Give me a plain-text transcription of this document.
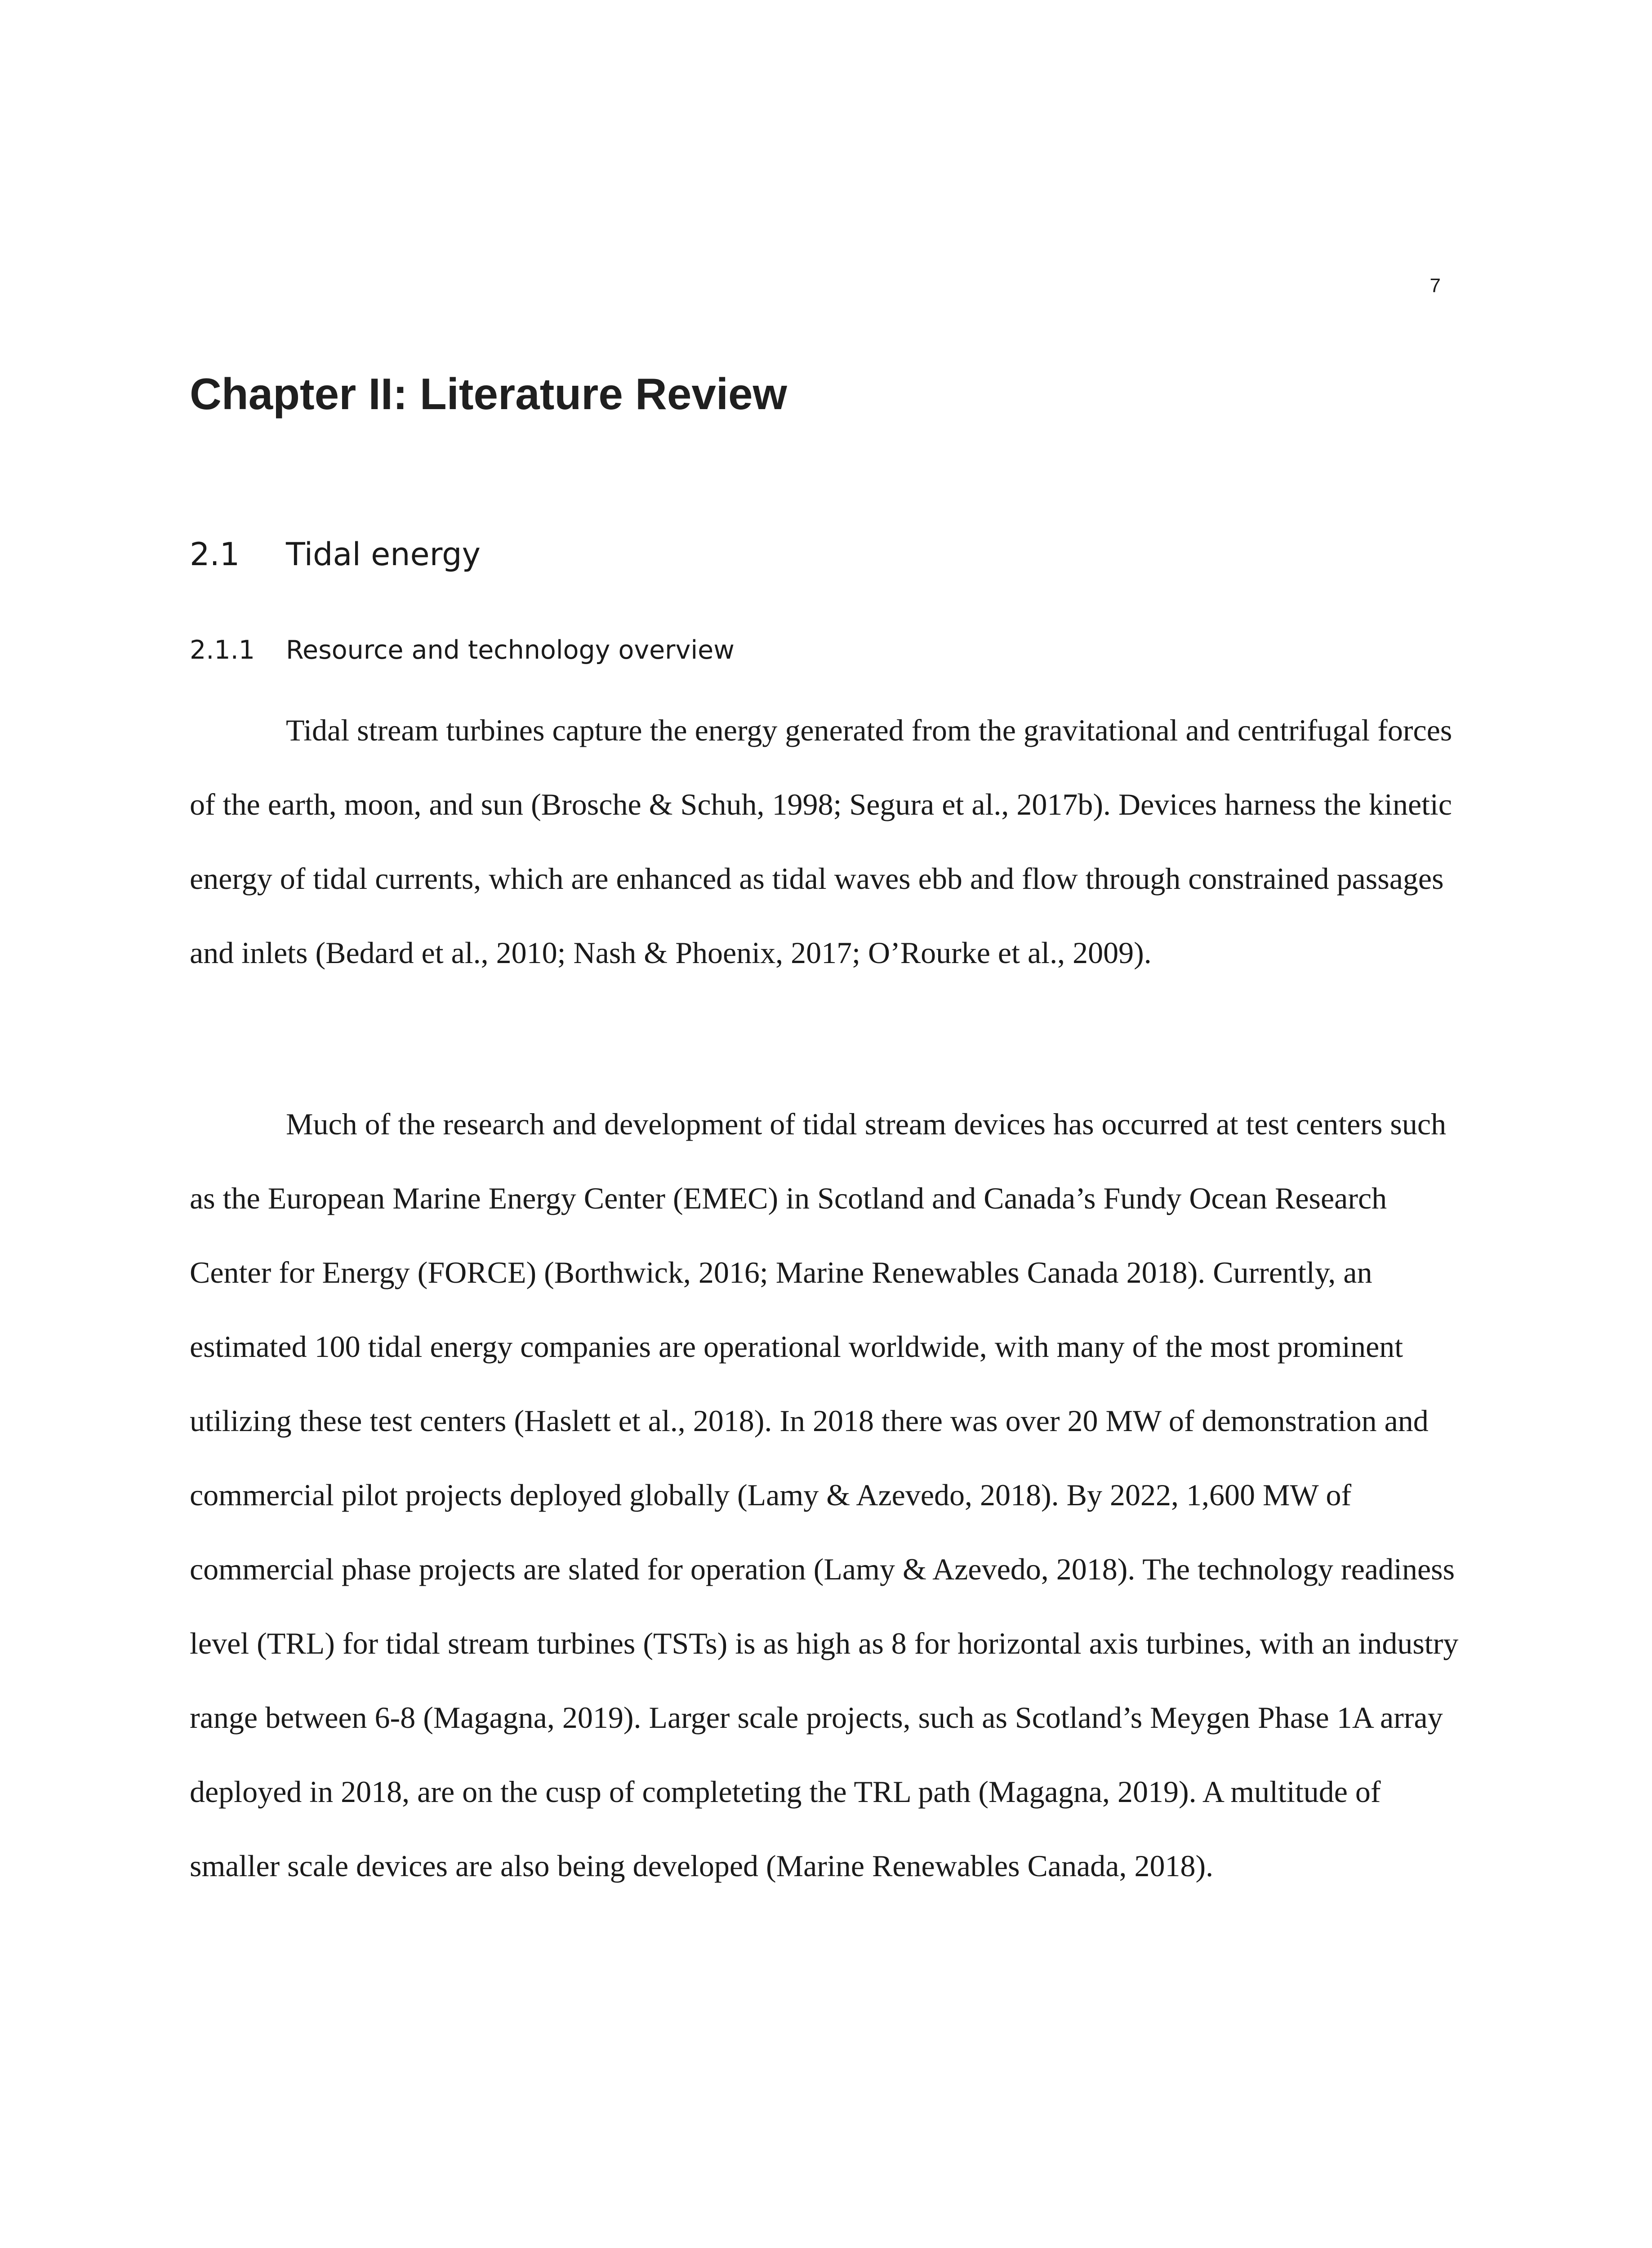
7
Chapter II: Literature Review
2.1 Tidal energy
2.1.1 Resource and technology overview

Tidal stream turbines capture the energy generated from the gravitational and centrifugal forces of the earth, moon, and sun (Brosche & Schuh, 1998; Segura et al., 2017b). Devices harness the kinetic energy of tidal currents, which are enhanced as tidal waves ebb and flow through constrained passages and inlets (Bedard et al., 2010; Nash & Phoenix, 2017; O’Rourke et al., 2009).

Much of the research and development of tidal stream devices has occurred at test centers such as the European Marine Energy Center (EMEC) in Scotland and Canada’s Fundy Ocean Research Center for Energy (FORCE) (Borthwick, 2016; Marine Renewables Canada 2018). Currently, an estimated 100 tidal energy companies are operational worldwide, with many of the most prominent utilizing these test centers (Haslett et al., 2018). In 2018 there was over 20 MW of demonstration and commercial pilot projects deployed globally (Lamy & Azevedo, 2018). By 2022, 1,600 MW of commercial phase projects are slated for operation (Lamy & Azevedo, 2018). The technology readiness level (TRL) for tidal stream turbines (TSTs) is as high as 8 for horizontal axis turbines, with an industry range between 6-8 (Magagna, 2019). Larger scale projects, such as Scotland’s Meygen Phase 1A array deployed in 2018, are on the cusp of completeting the TRL path (Magagna, 2019). A multitude of smaller scale devices are also being developed (Marine Renewables Canada, 2018).
